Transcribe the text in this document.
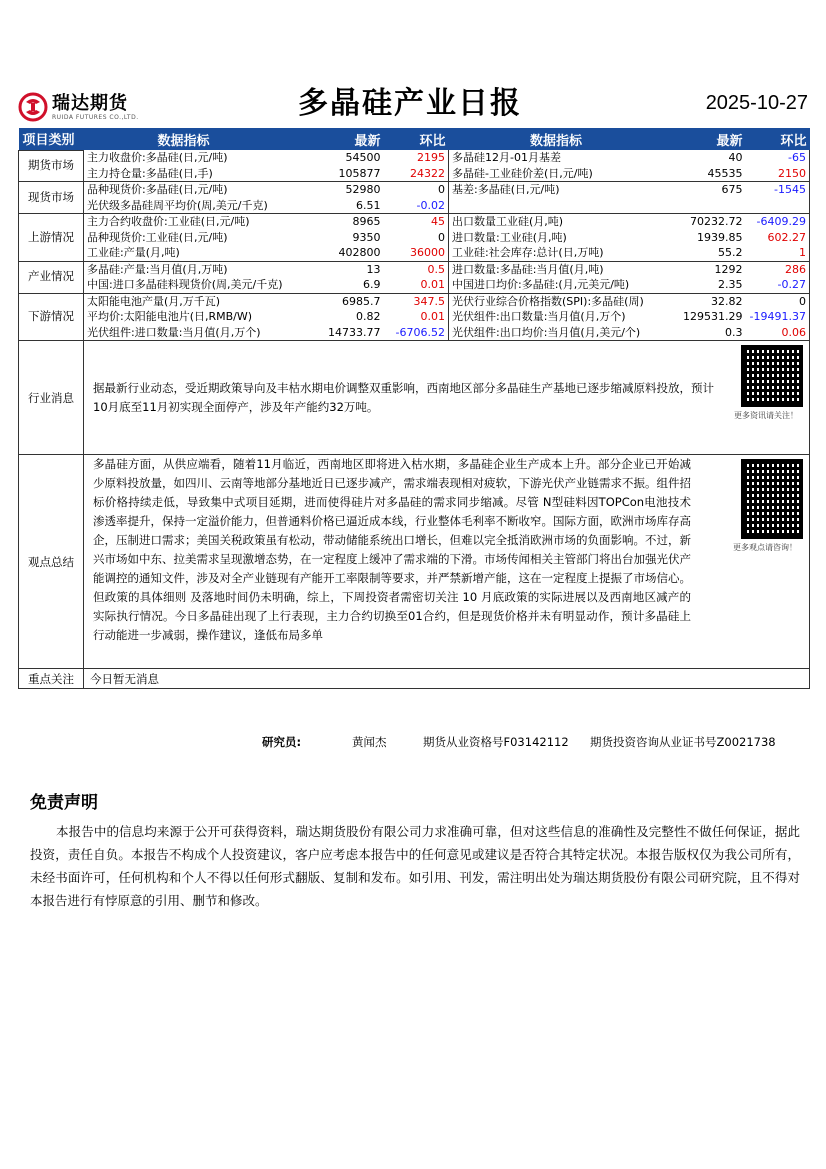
瑞达期货
RUIDA FUTURES CO.,LTD.	多晶硅产业日报	2025-10-27
项目类别	数据指标	最新	环比	数据指标	最新	环比
期货市场	主力收盘价:多晶硅(日,元/吨)	54500	2195	多晶硅12月-01月基差	40	-65
	主力持仓量:多晶硅(日,手)	105877	24322	多晶硅-工业硅价差(日,元/吨)	45535	2150
现货市场	品种现货价:多晶硅(日,元/吨)	52980	0	基差:多晶硅(日,元/吨)	675	-1545
	光伏级多晶硅周平均价(周,美元/千克)	6.51	-0.02			
上游情况	主力合约收盘价:工业硅(日,元/吨)	8965	45	出口数量工业硅(月,吨)	70232.72	-6409.29
	品种现货价:工业硅(日,元/吨)	9350	0	进口数量:工业硅(月,吨)	1939.85	602.27
	工业硅:产量(月,吨)	402800	36000	工业硅:社会库存:总计(日,万吨)	55.2	1
产业情况	多晶硅:产量:当月值(月,万吨)	13	0.5	进口数量:多晶硅:当月值(月,吨)	1292	286
	中国:进口多晶硅料现货价(周,美元/千克)	6.9	0.01	中国进口均价:多晶硅:(月,元美元/吨)	2.35	-0.27
下游情况	太阳能电池产量(月,万千瓦)	6985.7	347.5	光伏行业综合价格指数(SPI):多晶硅(周)	32.82	0
	平均价:太阳能电池片(日,RMB/W)	0.82	0.01	光伏组件:出口数量:当月值(月,万个)	129531.29	-19491.37
	光伏组件:进口数量:当月值(月,万个)	14733.77	-6706.52	光伏组件:出口均价:当月值(月,美元/个)	0.3	0.06
行业消息	据最新行业动态，受近期政策导向及丰枯水期电价调整双重影响，西南地区部分多晶硅生产基地已逐步缩减原料投放，预计10月底至11月初实现全面停产，涉及年产能约32万吨。
更多资讯请关注！					

观点总结	多晶硅方面，从供应端看，随着11月临近，西南地区即将进入枯水期，多晶硅企业生产成本上升。部分企业已开始减少原料投放量，如四川、云南等地部分基地近日已逐步减产，需求端表现相对疲软，下游光伏产业链需求不振。组件招标价格持续走低，导致集中式项目延期，进而使得硅片对多晶硅的需求同步缩减。尽管 N型硅料因TOPCon电池技术渗透率提升，保持一定溢价能力，但普通料价格已逼近成本线，行业整体毛利率不断收窄。国际方面，欧洲市场库存高企，压制进口需求；美国关税政策虽有松动，带动储能系统出口增长，但难以完全抵消欧洲市场的负面影响。不过，新兴市场如中东、拉美需求呈现激增态势，在一定程度上缓冲了需求端的下滑。市场传闻相关主管部门将出台加强光伏产能调控的通知文件，涉及对全产业链现有产能开工率限制等要求，并严禁新增产能，这在一定程度上提振了市场信心。但政策的具体细则 及落地时间仍未明确，综上，下周投资者需密切关注 10 月底政策的实际进展以及西南地区减产的实际执行情况。今日多晶硅出现了上行表现，主力合约切换至01合约，但是现货价格并未有明显动作，预计多晶硅上行动能进一步减弱，操作建议，逢低布局多单
更多观点请咨询！					

重点关注	今日暂无消息					
研究员:	黄闻杰	期货从业资格号F03142112 期货投资咨询从业证书号Z0021738
免责声明
本报告中的信息均来源于公开可获得资料，瑞达期货股份有限公司力求准确可靠，但对这些信息的准确性及完整性不做任何保证，据此投资，责任自负。本报告不构成个人投资建议，客户应考虑本报告中的任何意见或建议是否符合其特定状况。本报告版权仅为我公司所有，未经书面许可，任何机构和个人不得以任何形式翻版、复制和发布。如引用、刊发，需注明出处为瑞达期货股份有限公司研究院，且不得对本报告进行有悖原意的引用、删节和修改。
